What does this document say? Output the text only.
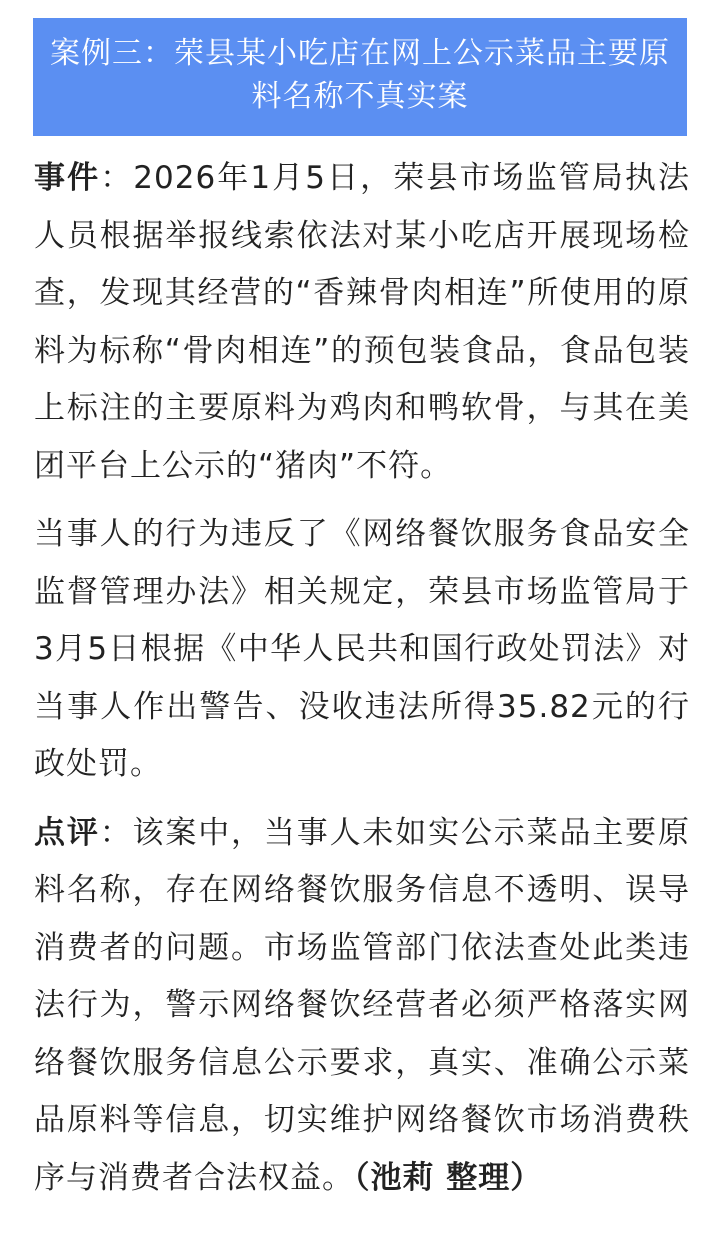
案例三：荣县某小吃店在网上公示菜品主要原料名称不真实案

事件：2026年1月5日，荣县市场监管局执法人员根据举报线索依法对某小吃店开展现场检查，发现其经营的“香辣骨肉相连”所使用的原料为标称“骨肉相连”的预包装食品，食品包装上标注的主要原料为鸡肉和鸭软骨，与其在美团平台上公示的“猪肉”不符。

当事人的行为违反了《网络餐饮服务食品安全监督管理办法》相关规定，荣县市场监管局于3月5日根据《中华人民共和国行政处罚法》对当事人作出警告、没收违法所得35.82元的行政处罚。

点评：该案中，当事人未如实公示菜品主要原料名称，存在网络餐饮服务信息不透明、误导消费者的问题。市场监管部门依法查处此类违法行为，警示网络餐饮经营者必须严格落实网络餐饮服务信息公示要求，真实、准确公示菜品原料等信息，切实维护网络餐饮市场消费秩序与消费者合法权益。（池莉 整理）
